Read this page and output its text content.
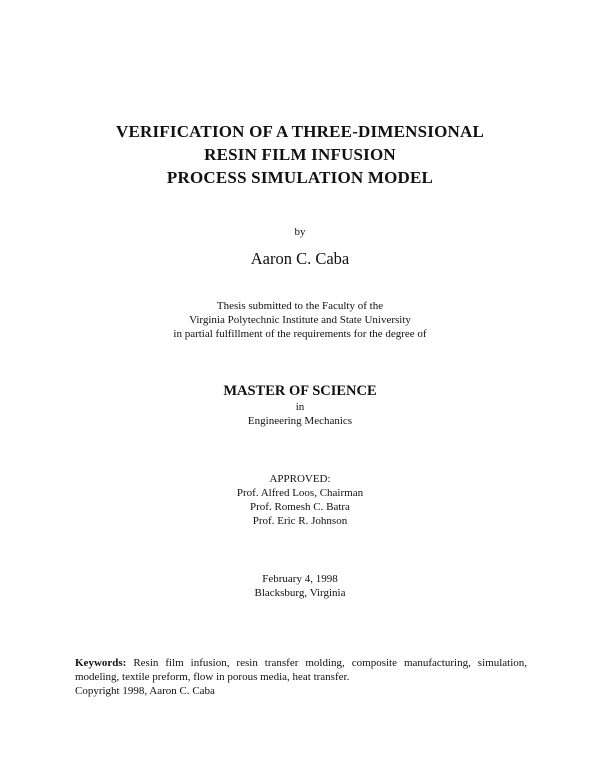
VERIFICATION OF A THREE-DIMENSIONAL
RESIN FILM INFUSION
PROCESS SIMULATION MODEL
by
Aaron C. Caba
Thesis submitted to the Faculty of the
Virginia Polytechnic Institute and State University
in partial fulfillment of the requirements for the degree of
MASTER OF SCIENCE
in
Engineering Mechanics
APPROVED:
Prof. Alfred Loos, Chairman
Prof. Romesh C. Batra
Prof. Eric R. Johnson
February 4, 1998
Blacksburg, Virginia
Keywords: Resin film infusion, resin transfer molding, composite manufacturing, simulation, modeling, textile preform, flow in porous media, heat transfer.
Copyright 1998, Aaron C. Caba
